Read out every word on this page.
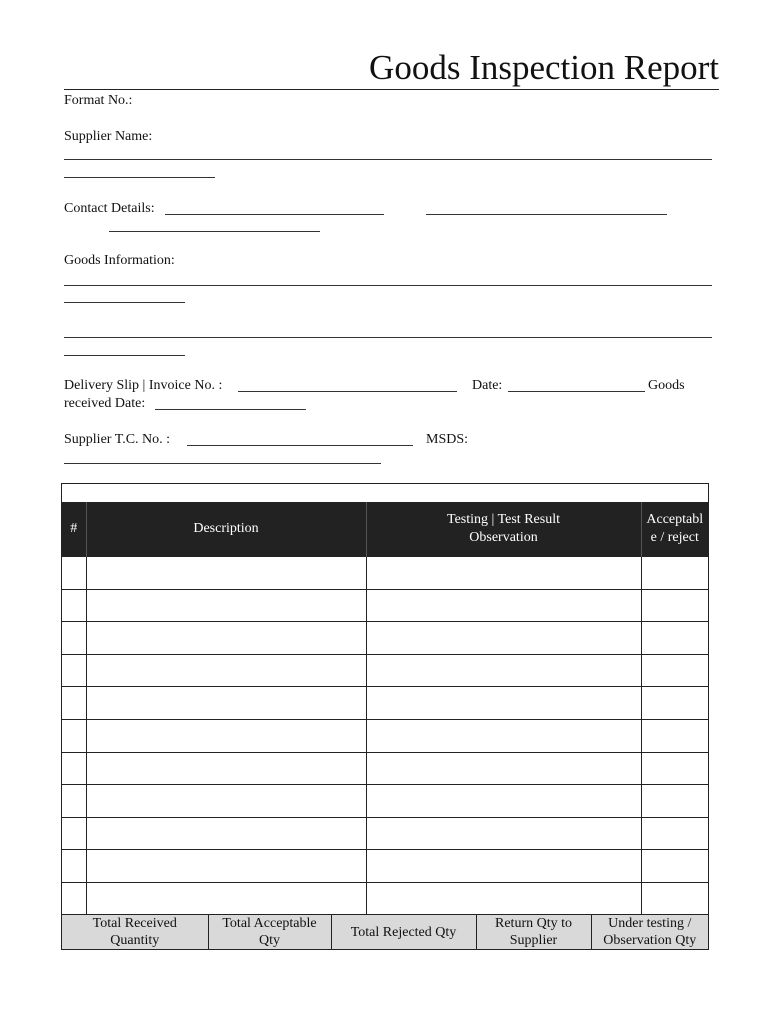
Goods Inspection Report
Format No.:
Supplier Name:
Contact Details:
Goods Information:
Delivery Slip | Invoice No. :	Date:	Goods
received Date:
Supplier T.C. No. :	MSDS:
#	Description	Testing | Test Result Observation	Acceptable / reject

Total Received Quantity	Total Acceptable Qty	Total Rejected Qty	Return Qty to Supplier	Under testing / Observation Qty
